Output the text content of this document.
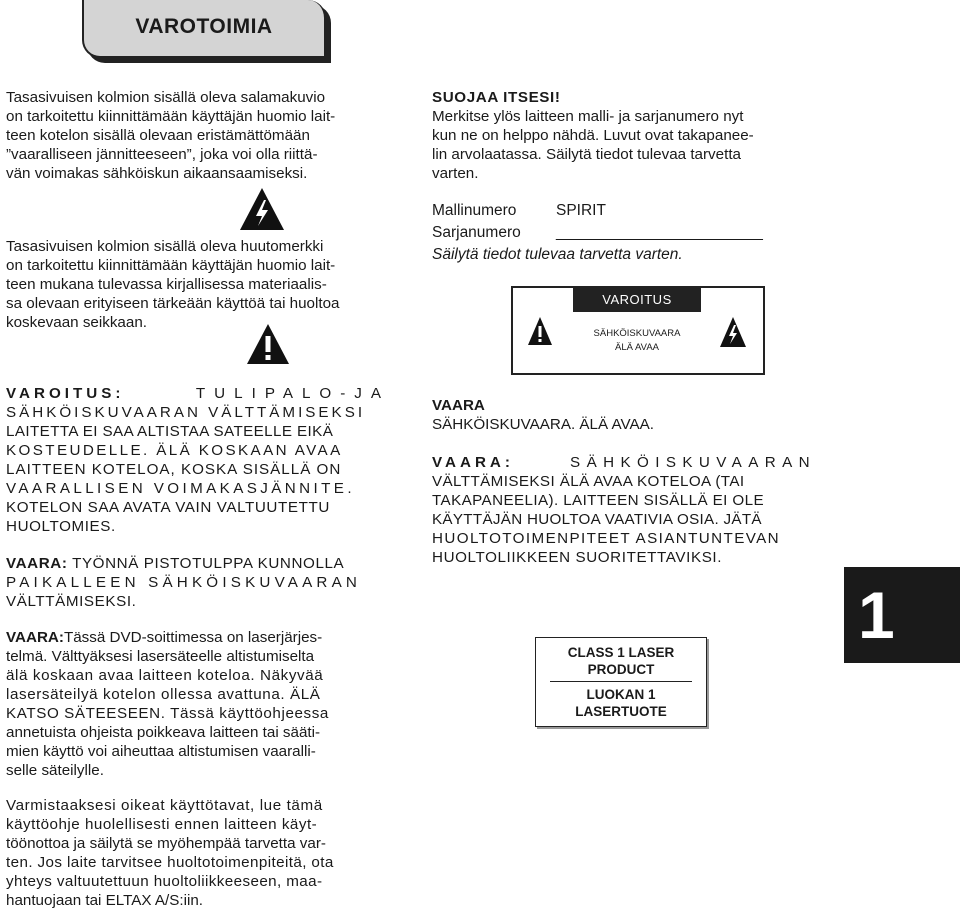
VAROTOIMIA
Tasasivuisen kolmion sisällä oleva salamakuvio
on tarkoitettu kiinnittämään käyttäjän huomio lait-
teen kotelon sisällä olevaan eristämättömään
”vaaralliseen jännitteeseen”, joka voi olla riittä-
vän voimakas sähköiskun aikaansaamiseksi.
Tasasivuisen kolmion sisällä oleva huutomerkki
on tarkoitettu kiinnittämään käyttäjän huomio lait-
teen mukana tulevassa kirjallisessa materiaalis-
sa olevaan erityiseen tärkeään käyttöä tai huoltoa
koskevaan seikkaan.
VAROITUS:	TULIPALO-JA
SÄHKÖISKUVAARAN VÄLTTÄMISEKSI
LAITETTA EI SAA ALTISTAA SATEELLE EIKÄ
KOSTEUDELLE. ÄLÄ KOSKAAN AVAA
LAITTEEN KOTELOA, KOSKA SISÄLLÄ ON
VAARALLISEN VOIMAKASJÄNNITE.
KOTELON SAA AVATA VAIN VALTUUTETTU
HUOLTOMIES.
VAARA: TYÖNNÄ PISTOTULPPA KUNNOLLA
PAIKALLEEN SÄHKÖISKUVAARAN
VÄLTTÄMISEKSI.
VAARA:Tässä DVD-soittimessa on laserjärjes-
telmä. Välttyäksesi lasersäteelle altistumiselta
älä koskaan avaa laitteen koteloa. Näkyvää
lasersäteilyä kotelon ollessa avattuna. ÄLÄ
KATSO SÄTEESEEN. Tässä käyttöohjeessa
annetuista ohjeista poikkeava laitteen tai sääti-
mien käyttö voi aiheuttaa altistumisen vaaralli-
selle säteilylle.
Varmistaaksesi oikeat käyttötavat, lue tämä
käyttöohje huolellisesti ennen laitteen käyt-
töönottoa ja säilytä se myöhempää tarvetta var-
ten. Jos laite tarvitsee huoltotoimenpiteitä, ota
yhteys valtuutettuun huoltoliikkeeseen, maa-
hantuojaan tai ELTAX A/S:iin.
SUOJAA ITSESI!
Merkitse ylös laitteen malli- ja sarjanumero nyt
kun ne on helppo nähdä. Luvut ovat takapanee-
lin arvolaatassa. Säilytä tiedot tulevaa tarvetta
varten.
Mallinumero	SPIRIT
Sarjanumero ________________________
Säilytä tiedot tulevaa tarvetta varten.
VAROITUS
SÄHKÖISKUVAARA
ÄLÄ AVAA
VAARA
SÄHKÖISKUVAARA. ÄLÄ AVAA.
VAARA:	SÄHKÖISKUVAARAN
VÄLTTÄMISEKSI ÄLÄ AVAA KOTELOA (TAI
TAKAPANEELIA). LAITTEEN SISÄLLÄ EI OLE
KÄYTTÄJÄN HUOLTOA VAATIVIA OSIA. JÄTÄ
HUOLTOTOIMENPITEET ASIANTUNTEVAN
HUOLTOLIIKKEEN SUORITETTAVIKSI.
CLASS 1 LASER
PRODUCT
LUOKAN 1
LASERTUOTE
1
